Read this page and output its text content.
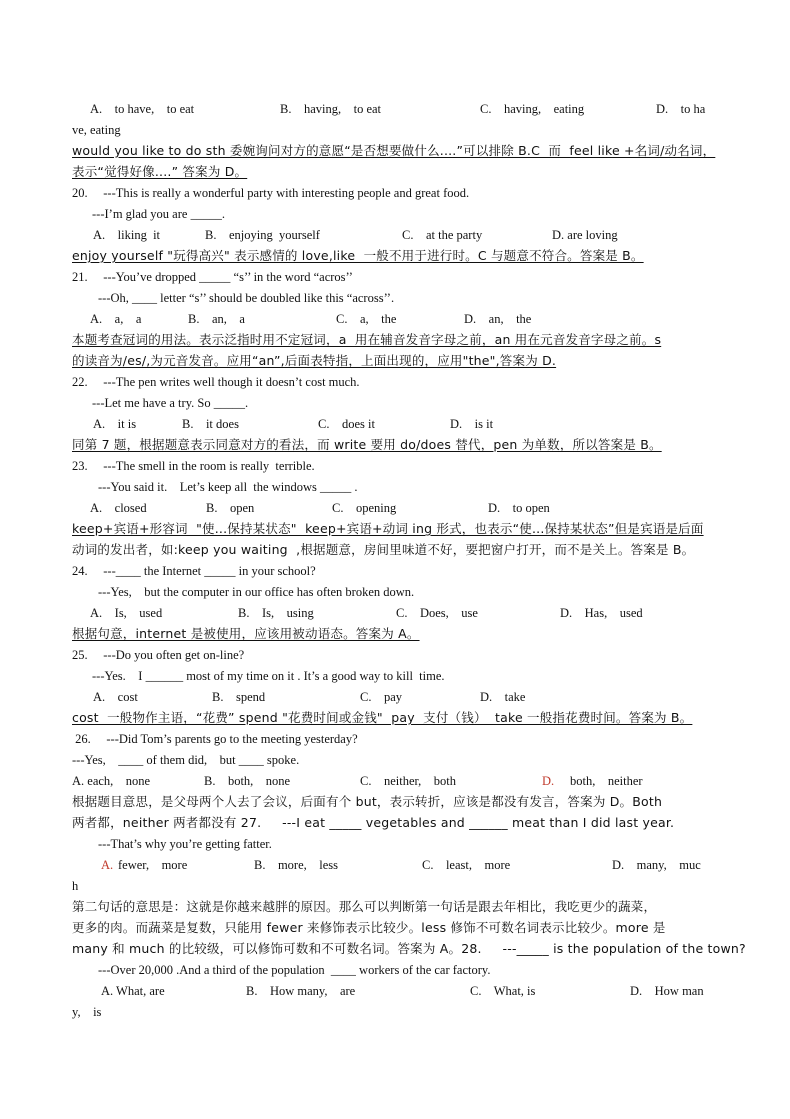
A.    to have,    to eat	B.    having,    to eat	C.    having,    eating	D.    to ha
ve, eating
would you like to do sth 委婉询问对方的意愿“是否想要做什么....”可以排除 B.C  而  feel like +名词/动名词，
表示“觉得好像....” 答案为 D。
20.     ---This is really a wonderful party with interesting people and great food.
---I’m glad you are _____.
A.    liking  it	B.    enjoying  yourself	C.    at the party	D. are loving
enjoy yourself "玩得高兴" 表示感情的 love,like  一般不用于进行时。C 与题意不符合。答案是 B。
21.     ---You’ve dropped _____ “s’’ in the word “acros’’
---Oh, ____ letter “s’’ should be doubled like this “across’’.
A.    a,    a	B.    an,    a	C.    a,    the	D.    an,    the
本题考查冠词的用法。表示泛指时用不定冠词，a  用在辅音发音字母之前，an 用在元音发音字母之前。s
的读音为/es/,为元音发音。应用“an”,后面表特指，上面出现的，应用"the",答案为 D.
22.     ---The pen writes well though it doesn’t cost much.
---Let me have a try. So _____.
A.    it is	B.    it does	C.    does it	D.    is it
同第 7 题，根据题意表示同意对方的看法，而 write 要用 do/does 替代，pen 为单数，所以答案是 B。
23.     ---The smell in the room is really  terrible.
---You said it.    Let’s keep all  the windows _____ .
A.    closed	B.    open	C.    opening	D.    to open
keep+宾语+形容词  "使...保持某状态"  keep+宾语+动词 ing 形式，也表示“使...保持某状态”但是宾语是后面
动词的发出者，如:keep you waiting  ,根据题意，房间里味道不好，要把窗户打开，而不是关上。答案是 B。
24.     ---____ the Internet _____ in your school?
---Yes,    but the computer in our office has often broken down.
A.    Is,    used	B.    Is,    using	C.    Does,    use	D.    Has,    used
根据句意，internet 是被使用，应该用被动语态。答案为 A。
25.     ---Do you often get on-line?
---Yes.    I ______ most of my time on it . It’s a good way to kill  time.
A.    cost	B.    spend	C.    pay	D.    take
cost  一般物作主语，“花费” spend "花费时间或金钱"  pay  支付（钱）  take 一般指花费时间。答案为 B。
26.     ---Did Tom’s parents go to the meeting yesterday?
---Yes,    ____ of them did,    but ____ spoke.
A. each,    none	B.    both,    none	C.    neither,    both	D. both,    neither
根据题目意思，是父母两个人去了会议，后面有个 but，表示转折，应该是都没有发言，答案为 D。Both
两者都，neither 两者都没有 27.     ---I eat _____ vegetables and ______ meat than I did last year.
---That’s why you’re getting fatter.
A. fewer,    more	B.    more,    less	C.    least,    more	D.    many,    muc
h
第二句话的意思是：这就是你越来越胖的原因。那么可以判断第一句话是跟去年相比，我吃更少的蔬菜，
更多的肉。而蔬菜是复数，只能用 fewer 来修饰表示比较少。less 修饰不可数名词表示比较少。more 是
many 和 much 的比较级，可以修饰可数和不可数名词。答案为 A。28.     ---_____ is the population of the town?
---Over 20,000 .And a third of the population  ____ workers of the car factory.
A. What, are	B.    How many,    are	C.    What, is	D.    How man
y,    is
